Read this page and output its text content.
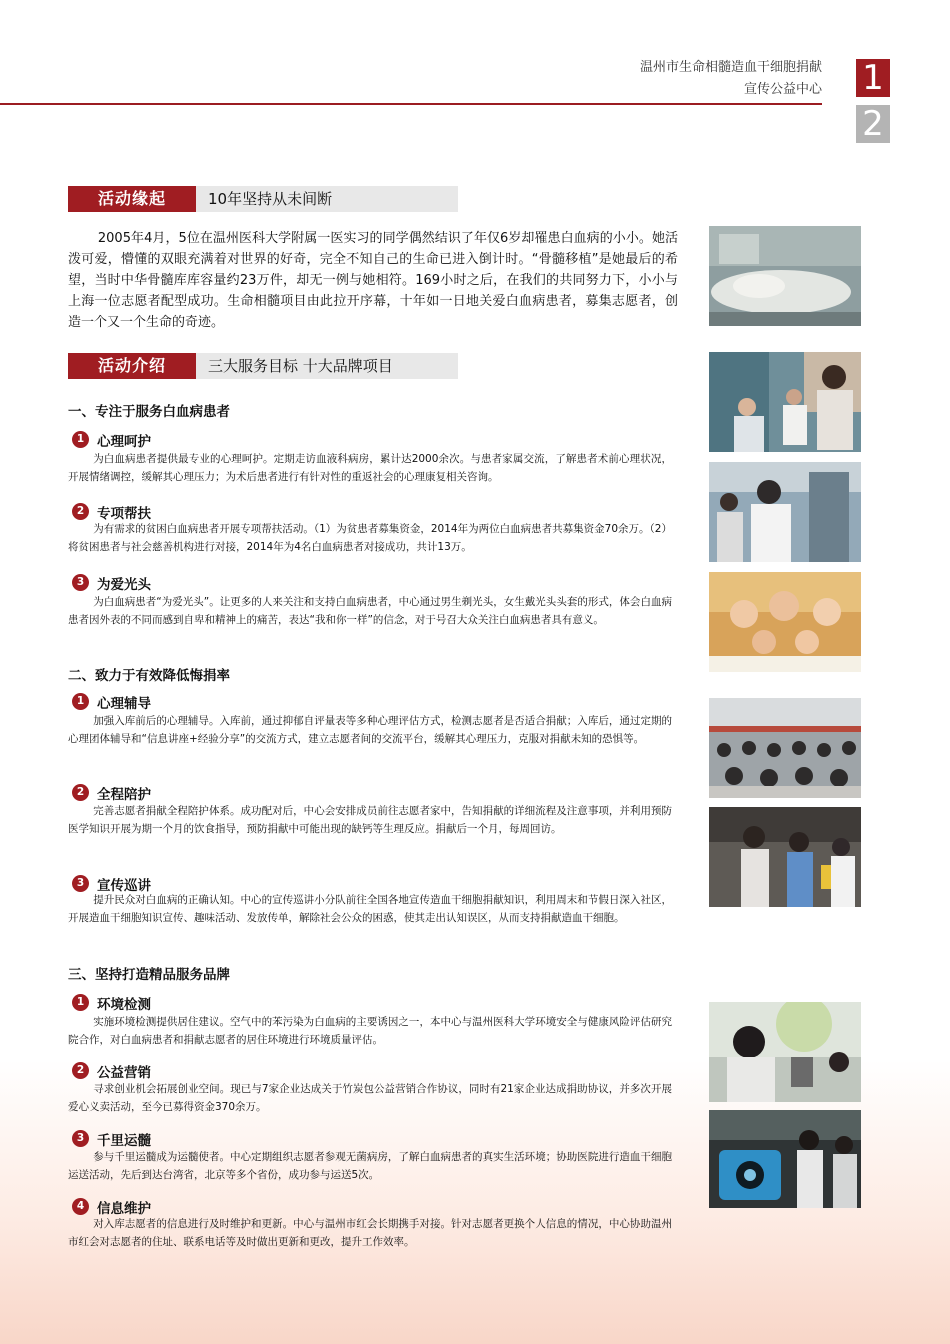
温州市生命相髓造血干细胞捐献
宣传公益中心 1
2
活动缘起	10年坚持从未间断

2005年4月，5位在温州医科大学附属一医实习的同学偶然结识了年仅6岁却罹患白血病的小小。她活泼可爱，懵懂的双眼充满着对世界的好奇，完全不知自己的生命已进入倒计时。“骨髓移植”是她最后的希望，当时中华骨髓库库容量约23万件，却无一例与她相符。169小时之后，在我们的共同努力下，小小与上海一位志愿者配型成功。生命相髓项目由此拉开序幕，十年如一日地关爱白血病患者，募集志愿者，创造一个又一个生命的奇迹。

活动介绍	三大服务目标 十大品牌项目
一、专注于服务白血病患者
1 心理呵护

为白血病患者提供最专业的心理呵护。定期走访血液科病房，累计达2000余次。与患者家属交流，了解患者术前心理状况，开展情绪调控，缓解其心理压力；为术后患者进行有针对性的重返社会的心理康复相关咨询。

2 专项帮扶

为有需求的贫困白血病患者开展专项帮扶活动。（1）为贫患者募集资金，2014年为两位白血病患者共募集资金70余万。（2）将贫困患者与社会慈善机构进行对接，2014年为4名白血病患者对接成功，共计13万。

3 为爱光头

为白血病患者“为爱光头”。让更多的人来关注和支持白血病患者，中心通过男生剃光头，女生戴光头头套的形式，体会白血病患者因外表的不同而感到自卑和精神上的痛苦，表达“我和你一样”的信念，对于号召大众关注白血病患者具有意义。

二、致力于有效降低悔捐率
1 心理辅导

加强入库前后的心理辅导。入库前，通过抑郁自评量表等多种心理评估方式，检测志愿者是否适合捐献；入库后，通过定期的心理团体辅导和“信息讲座+经验分享”的交流方式，建立志愿者间的交流平台，缓解其心理压力，克服对捐献未知的恐惧等。

2 全程陪护

完善志愿者捐献全程陪护体系。成功配对后，中心会安排成员前往志愿者家中，告知捐献的详细流程及注意事项，并利用预防医学知识开展为期一个月的饮食指导，预防捐献中可能出现的缺钙等生理反应。捐献后一个月，每周回访。

3 宣传巡讲

提升民众对白血病的正确认知。中心的宣传巡讲小分队前往全国各地宣传造血干细胞捐献知识，利用周末和节假日深入社区，开展造血干细胞知识宣传、趣味活动、发放传单，解除社会公众的困惑，使其走出认知误区，从而支持捐献造血干细胞。

三、坚持打造精品服务品牌
1 环境检测

实施环境检测提供居住建议。空气中的苯污染为白血病的主要诱因之一，本中心与温州医科大学环境安全与健康风险评估研究院合作，对白血病患者和捐献志愿者的居住环境进行环境质量评估。

2 公益营销

寻求创业机会拓展创业空间。现已与7家企业达成关于竹炭包公益营销合作协议，同时有21家企业达成捐助协议，并多次开展爱心义卖活动，至今已募得资金370余万。

3 千里运髓

参与千里运髓成为运髓使者。中心定期组织志愿者参观无菌病房，了解白血病患者的真实生活环境；协助医院进行造血干细胞运送活动，先后到达台湾省，北京等多个省份，成功参与运送5次。

4 信息维护

对入库志愿者的信息进行及时维护和更新。中心与温州市红会长期携手对接。针对志愿者更换个人信息的情况，中心协助温州市红会对志愿者的住址、联系电话等及时做出更新和更改，提升工作效率。
